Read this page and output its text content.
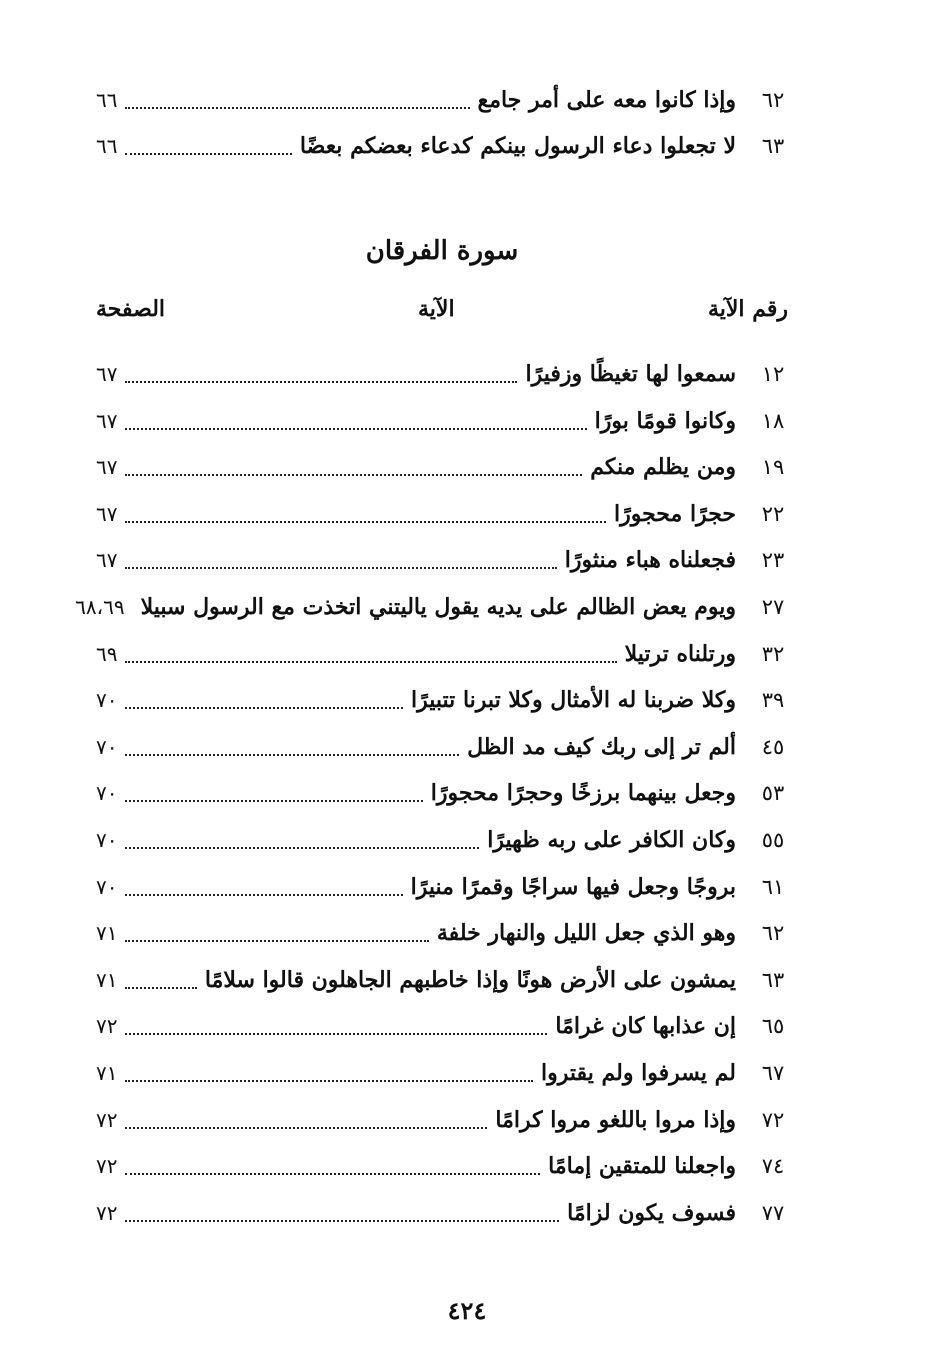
٦٢
وإذا كانوا معه على أمر جامع
٦٦
٦٣
لا تجعلوا دعاء الرسول بينكم كدعاء بعضكم بعضًا
٦٦
سورة الفرقان
رقم الآية
الآية
الصفحة
١٢
سمعوا لها تغيظًا وزفيرًا
٦٧
١٨
وكانوا قومًا بورًا
٦٧
١٩
ومن يظلم منكم
٦٧
٢٢
حجرًا محجورًا
٦٧
٢٣
فجعلناه هباء منثورًا
٦٧
٢٧
ويوم يعض الظالم على يديه يقول ياليتني اتخذت مع الرسول سبيلا
٦٨،٦٩
٣٢
ورتلناه ترتيلا
٦٩
٣٩
وكلا ضربنا له الأمثال وكلا تبرنا تتبيرًا
٧٠
٤٥
ألم تر إلى ربك كيف مد الظل
٧٠
٥٣
وجعل بينهما برزخًا وحجرًا محجورًا
٧٠
٥٥
وكان الكافر على ربه ظهيرًا
٧٠
٦١
بروجًا وجعل فيها سراجًا وقمرًا منيرًا
٧٠
٦٢
وهو الذي جعل الليل والنهار خلفة
٧١
٦٣
يمشون على الأرض هونًا وإذا خاطبهم الجاهلون قالوا سلامًا
٧١
٦٥
إن عذابها كان غرامًا
٧٢
٦٧
لم يسرفوا ولم يقتروا
٧١
٧٢
وإذا مروا باللغو مروا كرامًا
٧٢
٧٤
واجعلنا للمتقين إمامًا
٧٢
٧٧
فسوف يكون لزامًا
٧٢
٤٢٤
